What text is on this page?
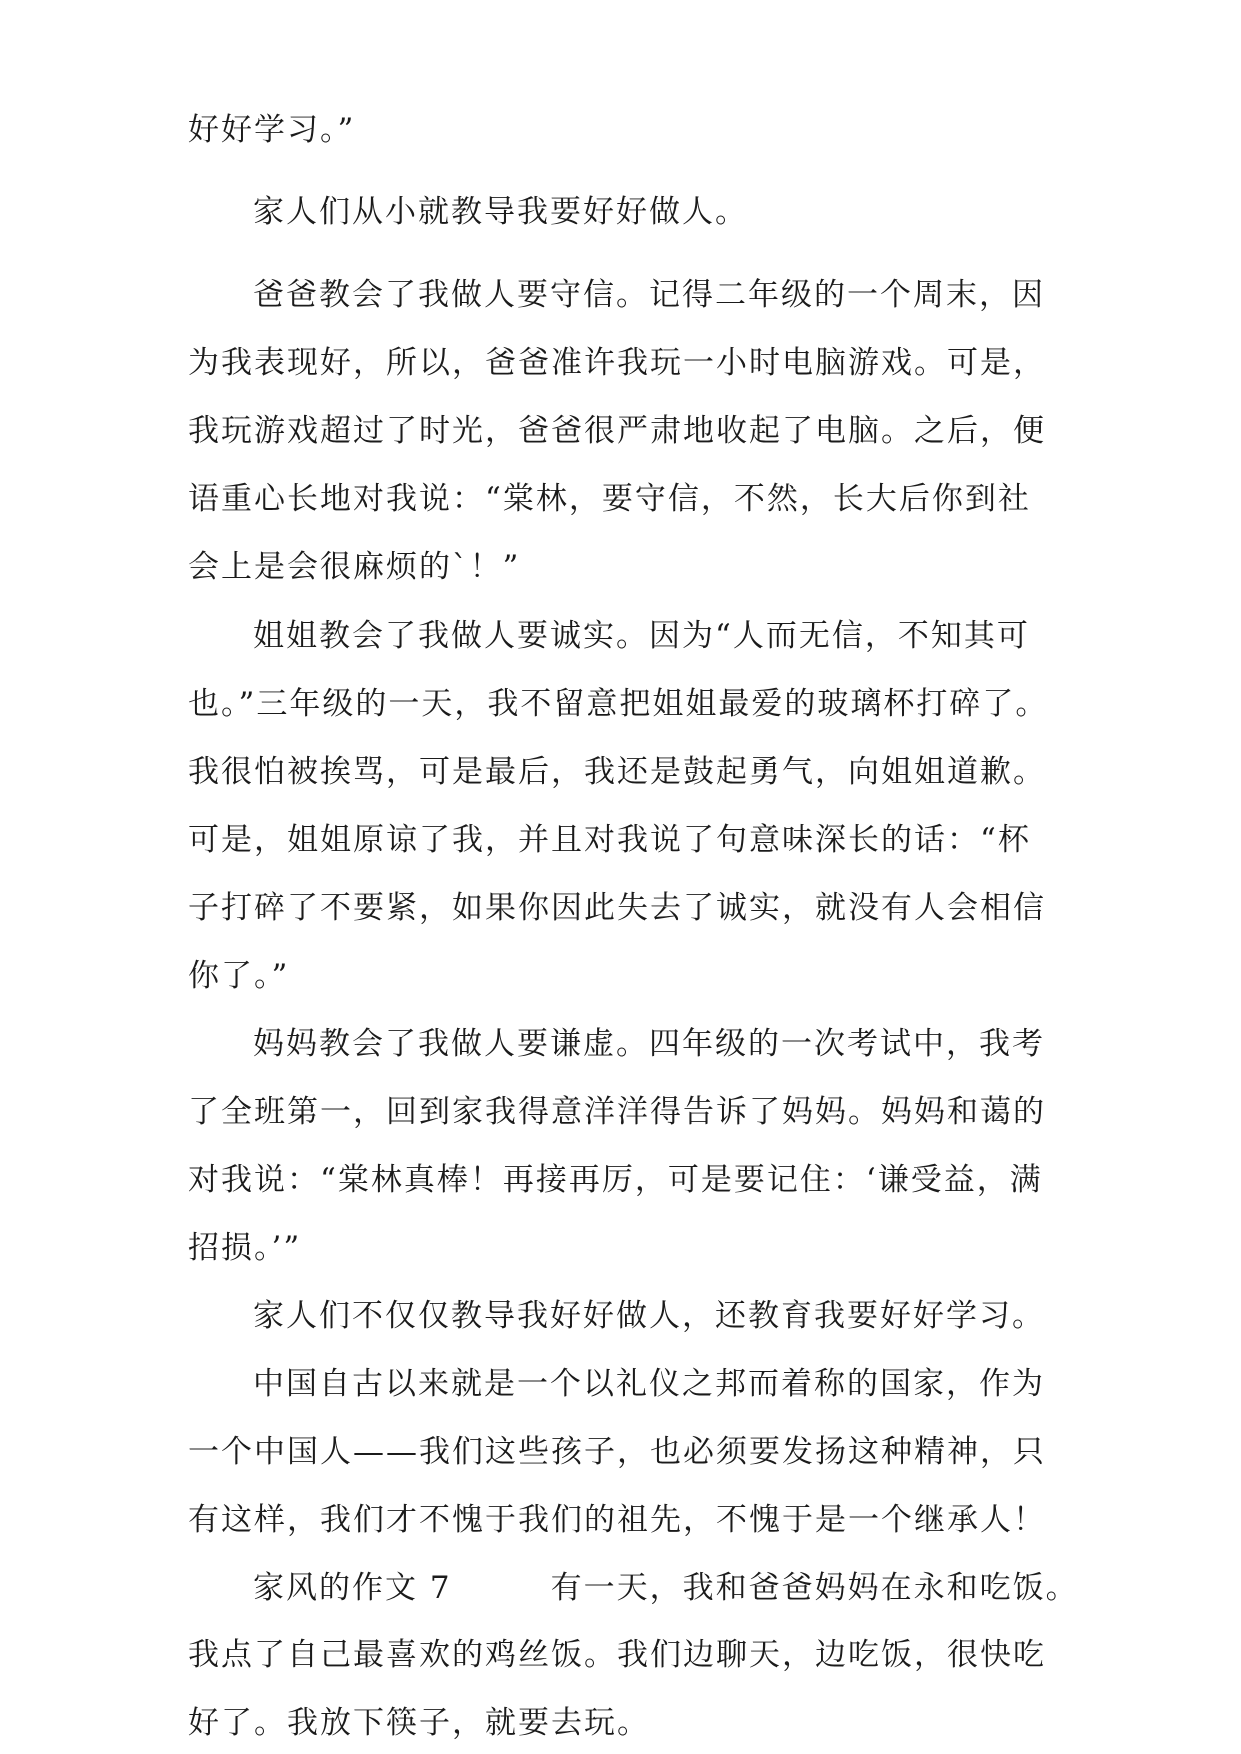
好好学习。”
家人们从小就教导我要好好做人。
爸爸教会了我做人要守信。记得二年级的一个周末，因
为我表现好，所以，爸爸准许我玩一小时电脑游戏。可是，
我玩游戏超过了时光，爸爸很严肃地收起了电脑。之后，便
语重心长地对我说：“棠林，要守信，不然，长大后你到社
会上是会很麻烦的`！”
姐姐教会了我做人要诚实。因为“人而无信，不知其可
也。”三年级的一天，我不留意把姐姐最爱的玻璃杯打碎了。
我很怕被挨骂，可是最后，我还是鼓起勇气，向姐姐道歉。
可是，姐姐原谅了我，并且对我说了句意味深长的话：“杯
子打碎了不要紧，如果你因此失去了诚实，就没有人会相信
你了。”
妈妈教会了我做人要谦虚。四年级的一次考试中，我考
了全班第一，回到家我得意洋洋得告诉了妈妈。妈妈和蔼的
对我说：“棠林真棒！再接再厉，可是要记住：‘谦受益，满
招损。’”
家人们不仅仅教导我好好做人，还教育我要好好学习。
中国自古以来就是一个以礼仪之邦而着称的国家，作为
一个中国人——我们这些孩子，也必须要发扬这种精神，只
有这样，我们才不愧于我们的祖先，不愧于是一个继承人！
家风的作文 7　　　有一天，我和爸爸妈妈在永和吃饭。
我点了自己最喜欢的鸡丝饭。我们边聊天，边吃饭，很快吃
好了。我放下筷子，就要去玩。
